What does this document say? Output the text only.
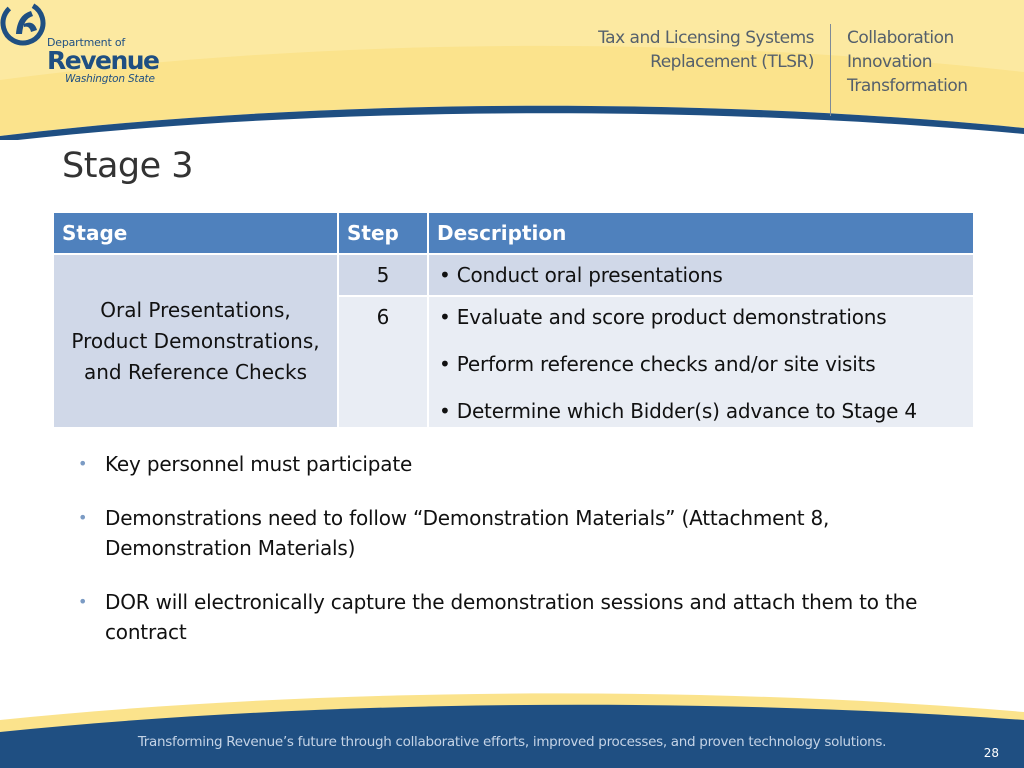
Department of
Revenue
Washington State
Tax and Licensing Systems
Replacement (TLSR)
Collaboration
Innovation
Transformation
Stage 3
Stage	Step	Description
Oral Presentations, Product Demonstrations, and Reference Checks	5	• Conduct oral presentations

	6	• Evaluate and score product demonstrations
• Perform reference checks and/or site visits
• Determine which Bidder(s) advance to Stage 4
• Key personnel must participate
• Demonstrations need to follow “Demonstration Materials” (Attachment 8, Demonstration Materials)
• DOR will electronically capture the demonstration sessions and attach them to the contract
Transforming Revenue’s future through collaborative efforts, improved processes, and proven technology solutions.
28
